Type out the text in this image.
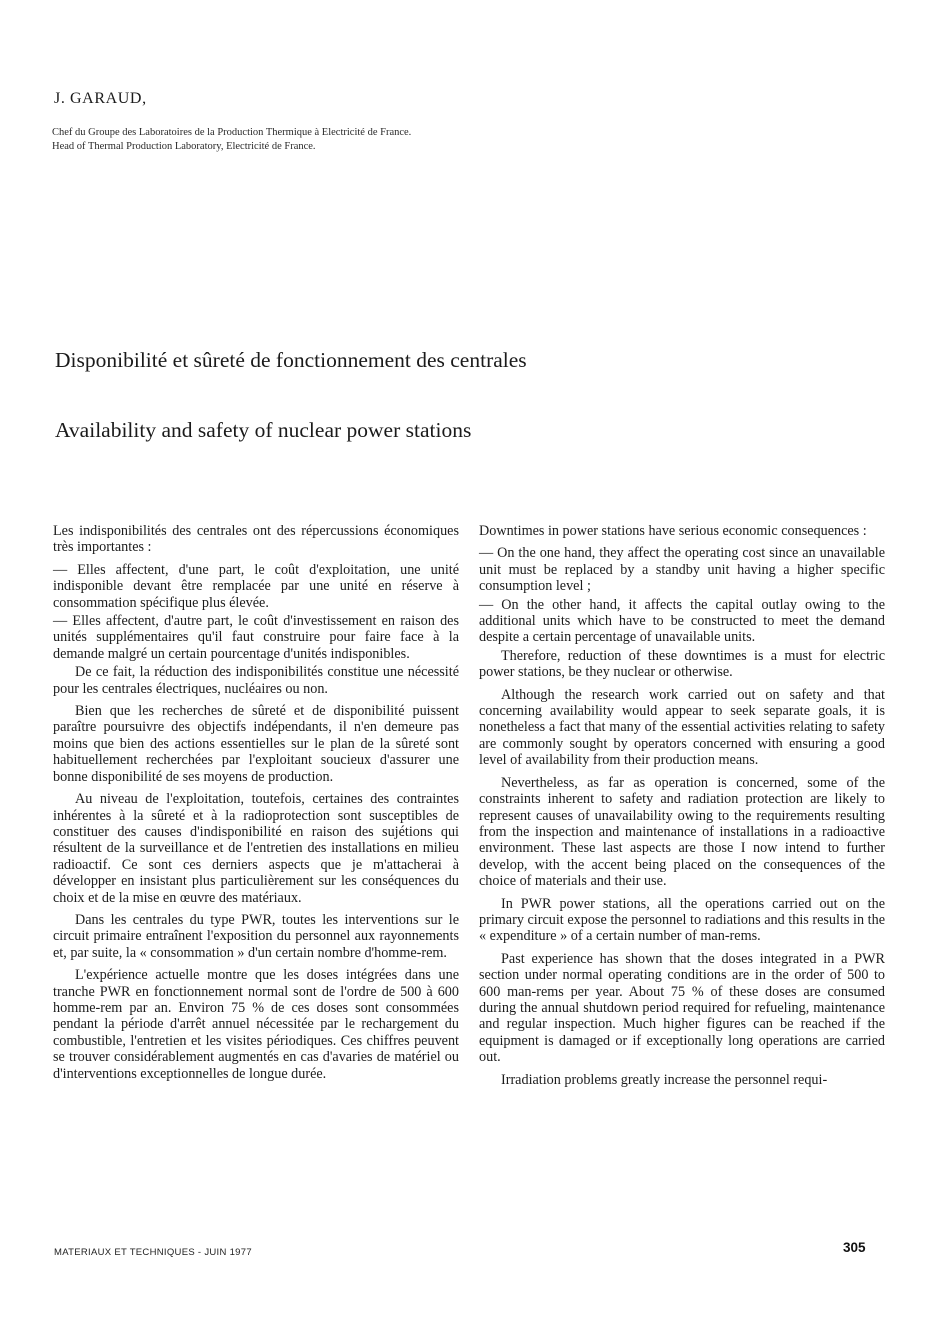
J. GARAUD,
Chef du Groupe des Laboratoires de la Production Thermique à Electricité de France.
Head of Thermal Production Laboratory, Electricité de France.
Disponibilité et sûreté de fonctionnement des centrales
Availability and safety of nuclear power stations

Les indisponibilités des centrales ont des répercussions économiques très importantes :

— Elles affectent, d'une part, le coût d'exploitation, une unité indisponible devant être remplacée par une unité en réserve à consommation spécifique plus élevée.

— Elles affectent, d'autre part, le coût d'investissement en raison des unités supplémentaires qu'il faut construire pour faire face à la demande malgré un certain pourcentage d'unités indisponibles.

De ce fait, la réduction des indisponibilités constitue une nécessité pour les centrales électriques, nucléaires ou non.

Bien que les recherches de sûreté et de disponibilité puissent paraître poursuivre des objectifs indépendants, il n'en demeure pas moins que bien des actions essentielles sur le plan de la sûreté sont habituellement recherchées par l'exploitant soucieux d'assurer une bonne disponibilité de ses moyens de production.

Au niveau de l'exploitation, toutefois, certaines des contraintes inhérentes à la sûreté et à la radioprotection sont susceptibles de constituer des causes d'indisponibilité en raison des sujétions qui résultent de la surveillance et de l'entretien des installations en milieu radioactif. Ce sont ces derniers aspects que je m'attacherai à développer en insistant plus particulièrement sur les conséquences du choix et de la mise en œuvre des matériaux.

Dans les centrales du type PWR, toutes les interventions sur le circuit primaire entraînent l'exposition du personnel aux rayonnements et, par suite, la « consommation » d'un certain nombre d'homme-rem.

L'expérience actuelle montre que les doses intégrées dans une tranche PWR en fonctionnement normal sont de l'ordre de 500 à 600 homme-rem par an. Environ 75 % de ces doses sont consommées pendant la période d'arrêt annuel nécessitée par le rechargement du combustible, l'entretien et les visites périodiques. Ces chiffres peuvent se trouver considérablement augmentés en cas d'avaries de matériel ou d'interventions exceptionnelles de longue durée.

Downtimes in power stations have serious economic consequences :

— On the one hand, they affect the operating cost since an unavailable unit must be replaced by a standby unit having a higher specific consumption level ;

— On the other hand, it affects the capital outlay owing to the additional units which have to be constructed to meet the demand despite a certain percentage of unavailable units.

Therefore, reduction of these downtimes is a must for electric power stations, be they nuclear or otherwise.

Although the research work carried out on safety and that concerning availability would appear to seek separate goals, it is nonetheless a fact that many of the essential activities relating to safety are commonly sought by operators concerned with ensuring a good level of availability from their production means.

Nevertheless, as far as operation is concerned, some of the constraints inherent to safety and radiation protection are likely to represent causes of unavailability owing to the requirements resulting from the inspection and maintenance of installations in a radioactive environment. These last aspects are those I now intend to further develop, with the accent being placed on the consequences of the choice of materials and their use.

In PWR power stations, all the operations carried out on the primary circuit expose the personnel to radiations and this results in the « expenditure » of a certain number of man-rems.

Past experience has shown that the doses integrated in a PWR section under normal operating conditions are in the order of 500 to 600 man-rems per year. About 75 % of these doses are consumed during the annual shutdown period required for refueling, maintenance and regular inspection. Much higher figures can be reached if the equipment is damaged or if exceptionally long operations are carried out.

Irradiation problems greatly increase the personnel requi-

MATERIAUX ET TECHNIQUES - JUIN 1977	305
